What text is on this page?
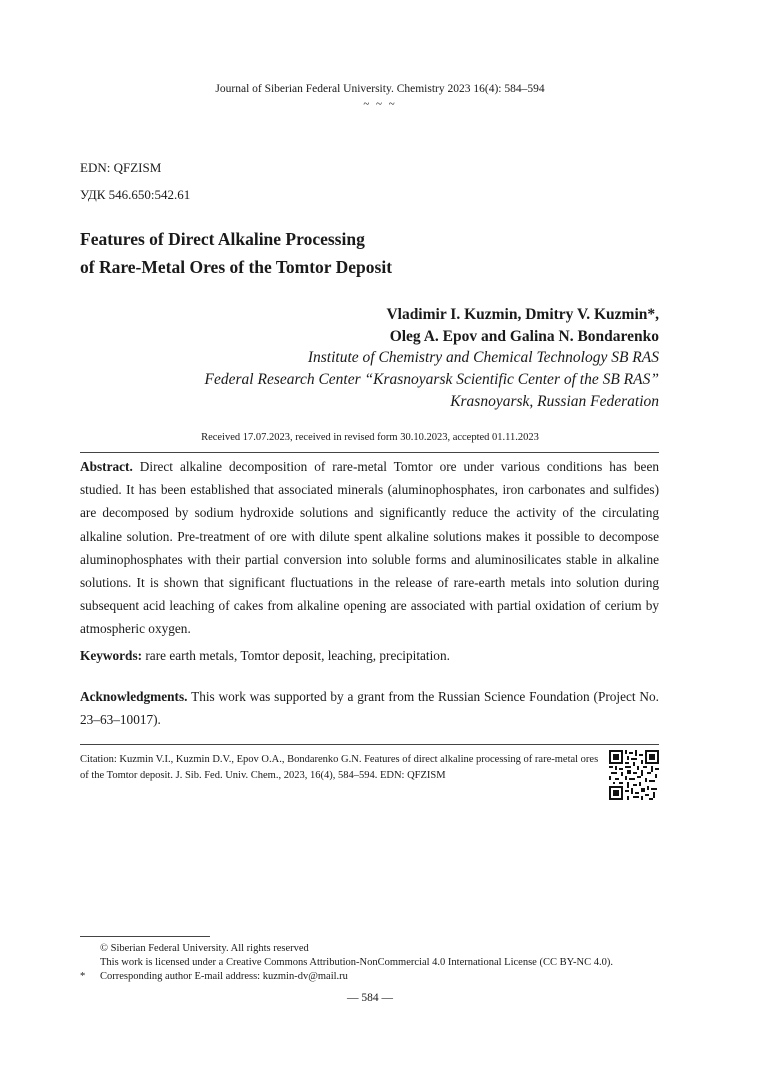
Journal of Siberian Federal University. Chemistry 2023 16(4): 584–594
~ ~ ~
EDN: QFZISM
УДК 546.650:542.61
Features of Direct Alkaline Processing
of Rare-Metal Ores of the Tomtor Deposit
Vladimir I. Kuzmin, Dmitry V. Kuzmin*,
Oleg A. Epov and Galina N. Bondarenko
Institute of Chemistry and Chemical Technology SB RAS
Federal Research Center “Krasnoyarsk Scientific Center of the SB RAS”
Krasnoyarsk, Russian Federation
Received 17.07.2023, received in revised form 30.10.2023, accepted 01.11.2023
Abstract. Direct alkaline decomposition of rare-metal Tomtor ore under various conditions has been studied. It has been established that associated minerals (aluminophosphates, iron carbonates and sulfides) are decomposed by sodium hydroxide solutions and significantly reduce the activity of the circulating alkaline solution. Pre-treatment of ore with dilute spent alkaline solutions makes it possible to decompose aluminophosphates with their partial conversion into soluble forms and aluminosilicates stable in alkaline solutions. It is shown that significant fluctuations in the release of rare-earth metals into solution during subsequent acid leaching of cakes from alkaline opening are associated with partial oxidation of cerium by atmospheric oxygen.
Keywords: rare earth metals, Tomtor deposit, leaching, precipitation.
Acknowledgments. This work was supported by a grant from the Russian Science Foundation (Project No. 23–63–10017).
Citation: Kuzmin V.I., Kuzmin D.V., Epov O.A., Bondarenko G.N. Features of direct alkaline processing of rare-metal ores of the Tomtor deposit. J. Sib. Fed. Univ. Chem., 2023, 16(4), 584–594. EDN: QFZISM
© Siberian Federal University. All rights reserved
This work is licensed under a Creative Commons Attribution-NonCommercial 4.0 International License (CC BY-NC 4.0).
* Corresponding author E-mail address: kuzmin-dv@mail.ru
— 584 —
